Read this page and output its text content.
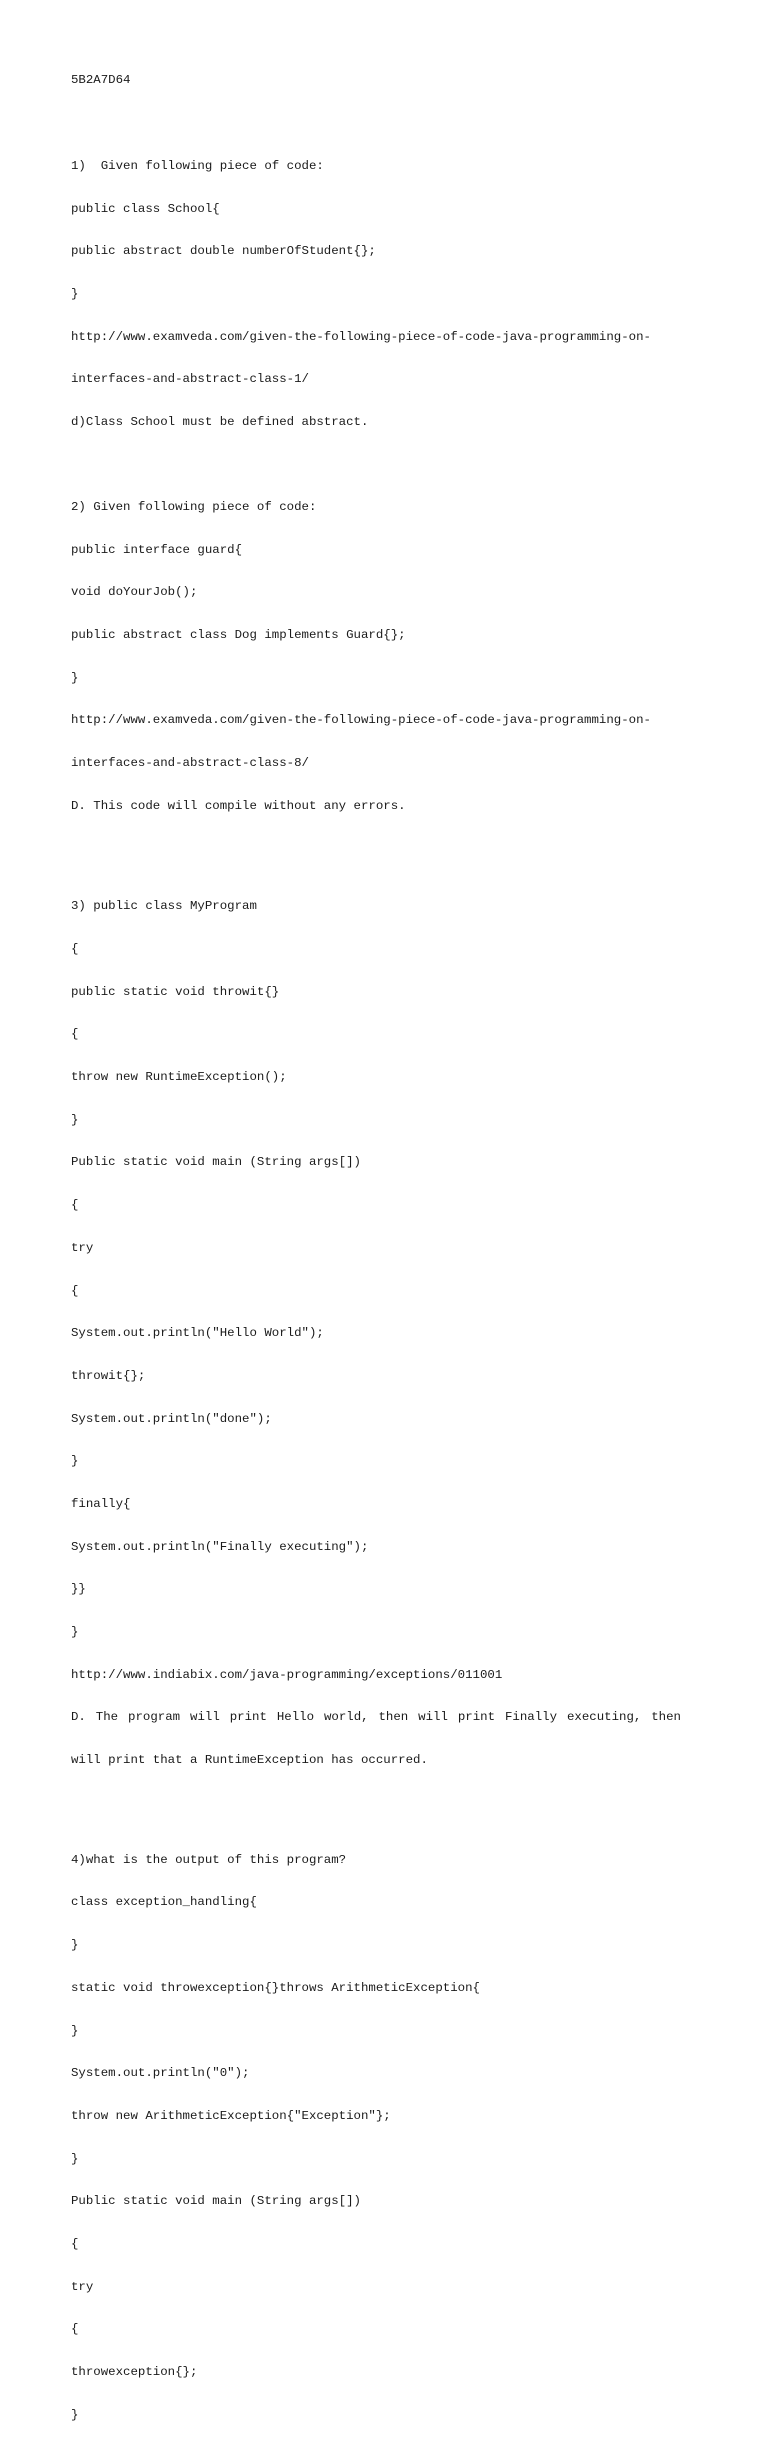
5B2A7D64

1)  Given following piece of code:

public class School{

public abstract double numberOfStudent{};

}

http://www.examveda.com/given-the-following-piece-of-code-java-programming-on-

interfaces-and-abstract-class-1/

d)Class School must be defined abstract.

2) Given following piece of code:

public interface guard{

void doYourJob();

public abstract class Dog implements Guard{};

}

http://www.examveda.com/given-the-following-piece-of-code-java-programming-on-

interfaces-and-abstract-class-8/

D. This code will compile without any errors.

3) public class MyProgram

{

public static void throwit{}

{

throw new RuntimeException();

}

Public static void main (String args[])

{

try

{

System.out.println("Hello World");

throwit{};

System.out.println("done");

}

finally{

System.out.println("Finally executing");

}}

}

http://www.indiabix.com/java-programming/exceptions/011001

D. The program will print Hello world, then will print Finally executing, then

will print that a RuntimeException has occurred.

4)what is the output of this program?

class exception_handling{

}

static void throwexception{}throws ArithmeticException{

}

System.out.println("0");

throw new ArithmeticException{"Exception"};

}

Public static void main (String args[])

{

try

{

throwexception{};

}
